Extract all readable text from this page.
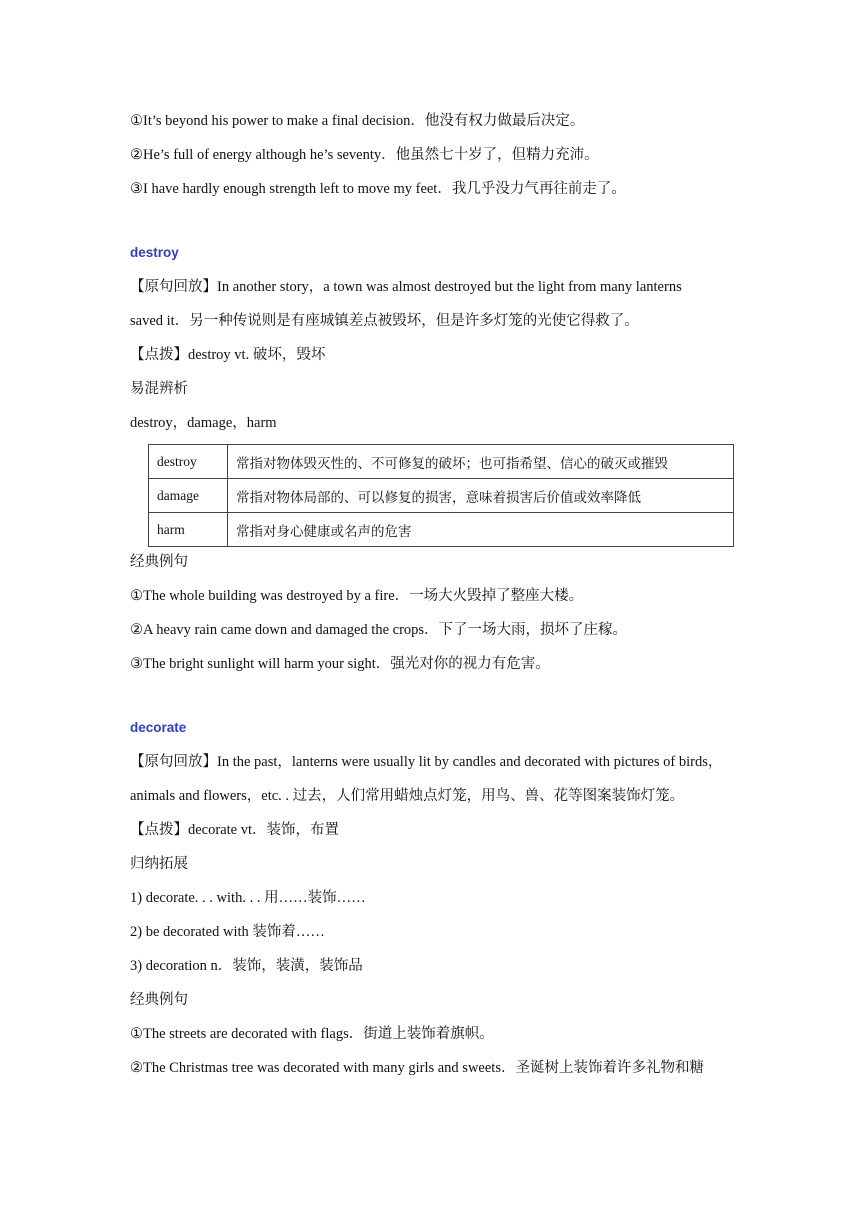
①It’s beyond his power to make a final decision．他没有权力做最后决定。
②He’s full of energy although he’s seventy．他虽然七十岁了，但精力充沛。
③I have hardly enough strength left to move my feet．我几乎没力气再往前走了。
destroy
【原句回放】In another story，a town was almost destroyed but the light from many lanterns
saved it．另一种传说则是有座城镇差点被毁坏，但是许多灯笼的光使它得救了。
【点拨】destroy vt. 破坏，毁坏
易混辨析
destroy，damage，harm
destroy	常指对物体毁灭性的、不可修复的破坏；也可指希望、信心的破灭或摧毁
damage	常指对物体局部的、可以修复的损害，意味着损害后价值或效率降低
harm	常指对身心健康或名声的危害
经典例句
①The whole building was destroyed by a fire．一场大火毁掉了整座大楼。
②A heavy rain came down and damaged the crops．下了一场大雨，损坏了庄稼。
③The bright sunlight will harm your sight．强光对你的视力有危害。
decorate
【原句回放】In the past，lanterns were usually lit by candles and decorated with pictures of birds，
animals and flowers，etc. . 过去，人们常用蜡烛点灯笼，用鸟、兽、花等图案装饰灯笼。
【点拨】decorate vt．装饰，布置
归纳拓展
1) decorate. . . with. . . 用……装饰……
2) be decorated with 装饰着……
3) decoration n．装饰，装潢，装饰品
经典例句
①The streets are decorated with flags．街道上装饰着旗帜。
②The Christmas tree was decorated with many girls and sweets．圣诞树上装饰着许多礼物和糖
